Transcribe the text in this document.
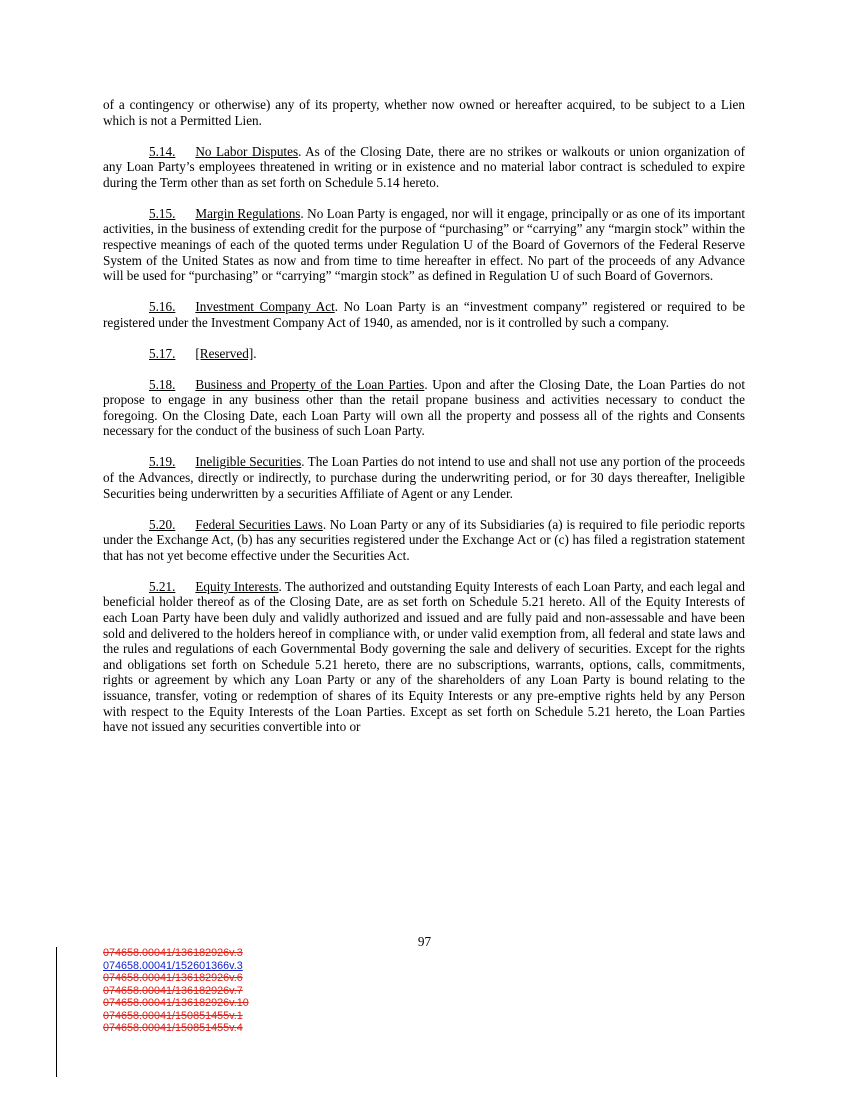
of a contingency or otherwise) any of its property, whether now owned or hereafter acquired, to be subject to a Lien which is not a Permitted Lien.

5.14. No Labor Disputes. As of the Closing Date, there are no strikes or walkouts or union organization of any Loan Party’s employees threatened in writing or in existence and no material labor contract is scheduled to expire during the Term other than as set forth on Schedule 5.14 hereto.

5.15. Margin Regulations. No Loan Party is engaged, nor will it engage, principally or as one of its important activities, in the business of extending credit for the purpose of “purchasing” or “carrying” any “margin stock” within the respective meanings of each of the quoted terms under Regulation U of the Board of Governors of the Federal Reserve System of the United States as now and from time to time hereafter in effect. No part of the proceeds of any Advance will be used for “purchasing” or “carrying” “margin stock” as defined in Regulation U of such Board of Governors.

5.16. Investment Company Act. No Loan Party is an “investment company” registered or required to be registered under the Investment Company Act of 1940, as amended, nor is it controlled by such a company.

5.17. [Reserved].

5.18. Business and Property of the Loan Parties. Upon and after the Closing Date, the Loan Parties do not propose to engage in any business other than the retail propane business and activities necessary to conduct the foregoing. On the Closing Date, each Loan Party will own all the property and possess all of the rights and Consents necessary for the conduct of the business of such Loan Party.

5.19. Ineligible Securities. The Loan Parties do not intend to use and shall not use any portion of the proceeds of the Advances, directly or indirectly, to purchase during the underwriting period, or for 30 days thereafter, Ineligible Securities being underwritten by a securities Affiliate of Agent or any Lender.

5.20. Federal Securities Laws. No Loan Party or any of its Subsidiaries (a) is required to file periodic reports under the Exchange Act, (b) has any securities registered under the Exchange Act or (c) has filed a registration statement that has not yet become effective under the Securities Act.

5.21. Equity Interests. The authorized and outstanding Equity Interests of each Loan Party, and each legal and beneficial holder thereof as of the Closing Date, are as set forth on Schedule 5.21 hereto. All of the Equity Interests of each Loan Party have been duly and validly authorized and issued and are fully paid and non-assessable and have been sold and delivered to the holders hereof in compliance with, or under valid exemption from, all federal and state laws and the rules and regulations of each Governmental Body governing the sale and delivery of securities. Except for the rights and obligations set forth on Schedule 5.21 hereto, there are no subscriptions, warrants, options, calls, commitments, rights or agreement by which any Loan Party or any of the shareholders of any Loan Party is bound relating to the issuance, transfer, voting or redemption of shares of its Equity Interests or any pre-emptive rights held by any Person with respect to the Equity Interests of the Loan Parties. Except as set forth on Schedule 5.21 hereto, the Loan Parties have not issued any securities convertible into or

97
074658.00041/136182926v.3
074658.00041/152601366v.3
074658.00041/136182926v.6
074658.00041/136182926v.7
074658.00041/136182926v.10
074658.00041/150851455v.1
074658.00041/150851455v.4
